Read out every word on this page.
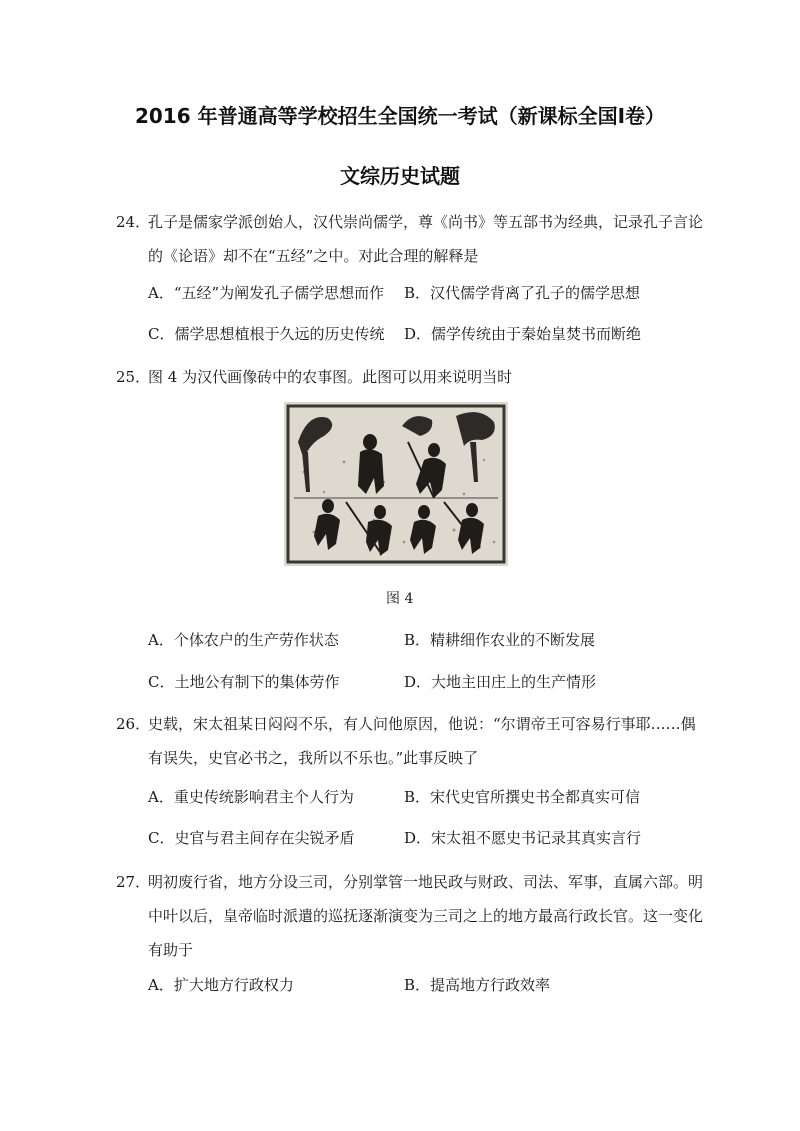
2016 年普通高等学校招生全国统一考试（新课标全国Ⅰ卷）
文综历史试题
24．
孔子是儒家学派创始人，汉代崇尚儒学，尊《尚书》等五部书为经典，记录孔子言论的《论语》却不在“五经”之中。对此合理的解释是
A．“五经”为阐发孔子儒学思想而作 B．汉代儒学背离了孔子的儒学思想
C．儒学思想植根于久远的历史传统 D．儒学传统由于秦始皇焚书而断绝
25．
图 4 为汉代画像砖中的农事图。此图可以用来说明当时
图 4
A．个体农户的生产劳作状态	B．精耕细作农业的不断发展
C．土地公有制下的集体劳作	D．大地主田庄上的生产情形
26．
史载，宋太祖某日闷闷不乐，有人问他原因，他说：“尔谓帝王可容易行事耶……偶有误失，史官必书之，我所以不乐也。”此事反映了
A．重史传统影响君主个人行为	B．宋代史官所撰史书全都真实可信
C．史官与君主间存在尖锐矛盾	D．宋太祖不愿史书记录其真实言行
27．
明初废行省，地方分设三司，分别掌管一地民政与财政、司法、军事，直属六部。明中叶以后，皇帝临时派遣的巡抚逐渐演变为三司之上的地方最高行政长官。这一变化有助于
A．扩大地方行政权力	B．提高地方行政效率
